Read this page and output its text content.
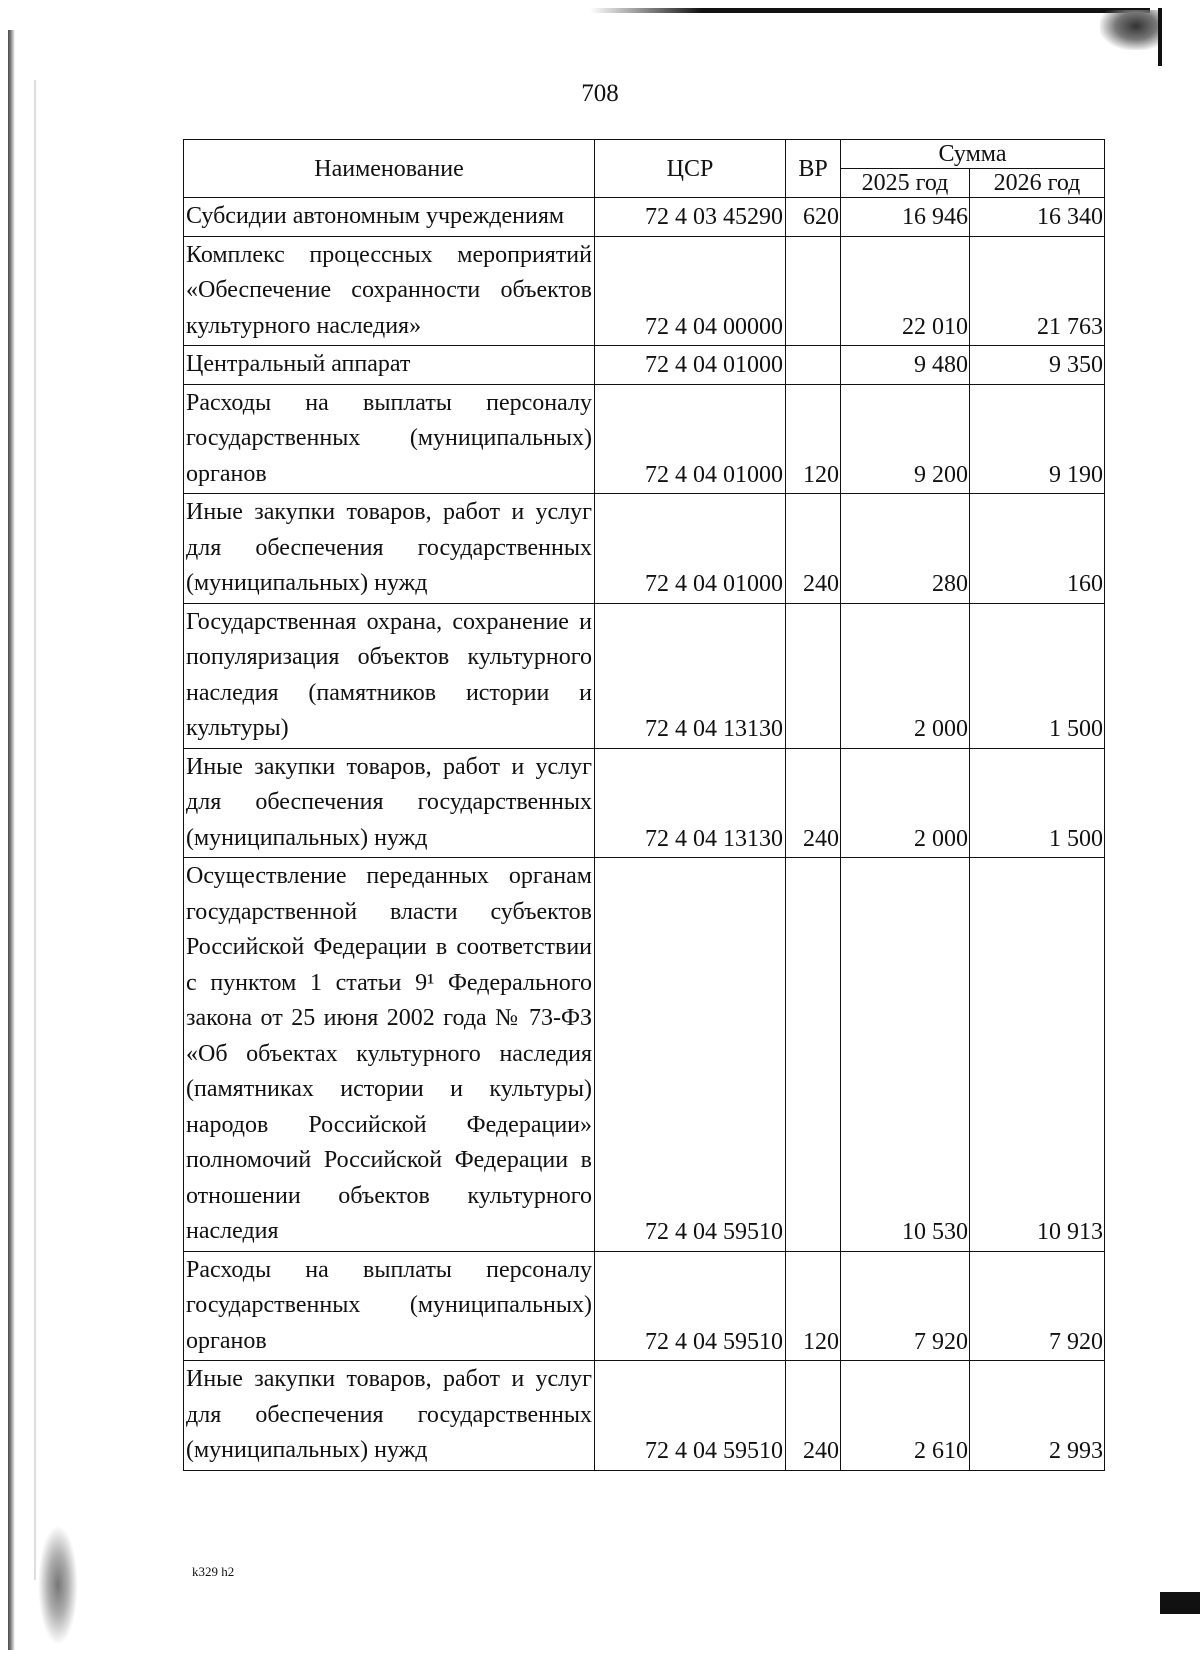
708
Наименование	ЦСР	ВР	Сумма	
			2025 год	2026 год
Субсидии автономным учреждениям	72 4 03 45290	620	16 946	16 340
Комплекс процессных мероприятий «Обеспечение сохранности объектов культурного наследия»	72 4 04 00000		22 010	21 763
Центральный аппарат	72 4 04 01000		9 480	9 350
Расходы на выплаты персоналу государственных (муниципальных) органов	72 4 04 01000	120	9 200	9 190
Иные закупки товаров, работ и услуг для обеспечения государственных (муниципальных) нужд	72 4 04 01000	240	280	160
Государственная охрана, сохранение и популяризация объектов культурного наследия (памятников истории и культуры)	72 4 04 13130		2 000	1 500
Иные закупки товаров, работ и услуг для обеспечения государственных (муниципальных) нужд	72 4 04 13130	240	2 000	1 500
Осуществление переданных органам государственной власти субъектов Российской Федерации в соответствии с пунктом 1 статьи 9¹ Федерального закона от 25 июня 2002 года № 73-ФЗ «Об объектах культурного наследия (памятниках истории и культуры) народов Российской Федерации» полномочий Российской Федерации в отношении объектов культурного наследия	72 4 04 59510		10 530	10 913
Расходы на выплаты персоналу государственных (муниципальных) органов	72 4 04 59510	120	7 920	7 920
Иные закупки товаров, работ и услуг для обеспечения государственных (муниципальных) нужд	72 4 04 59510	240	2 610	2 993
k329 h2
